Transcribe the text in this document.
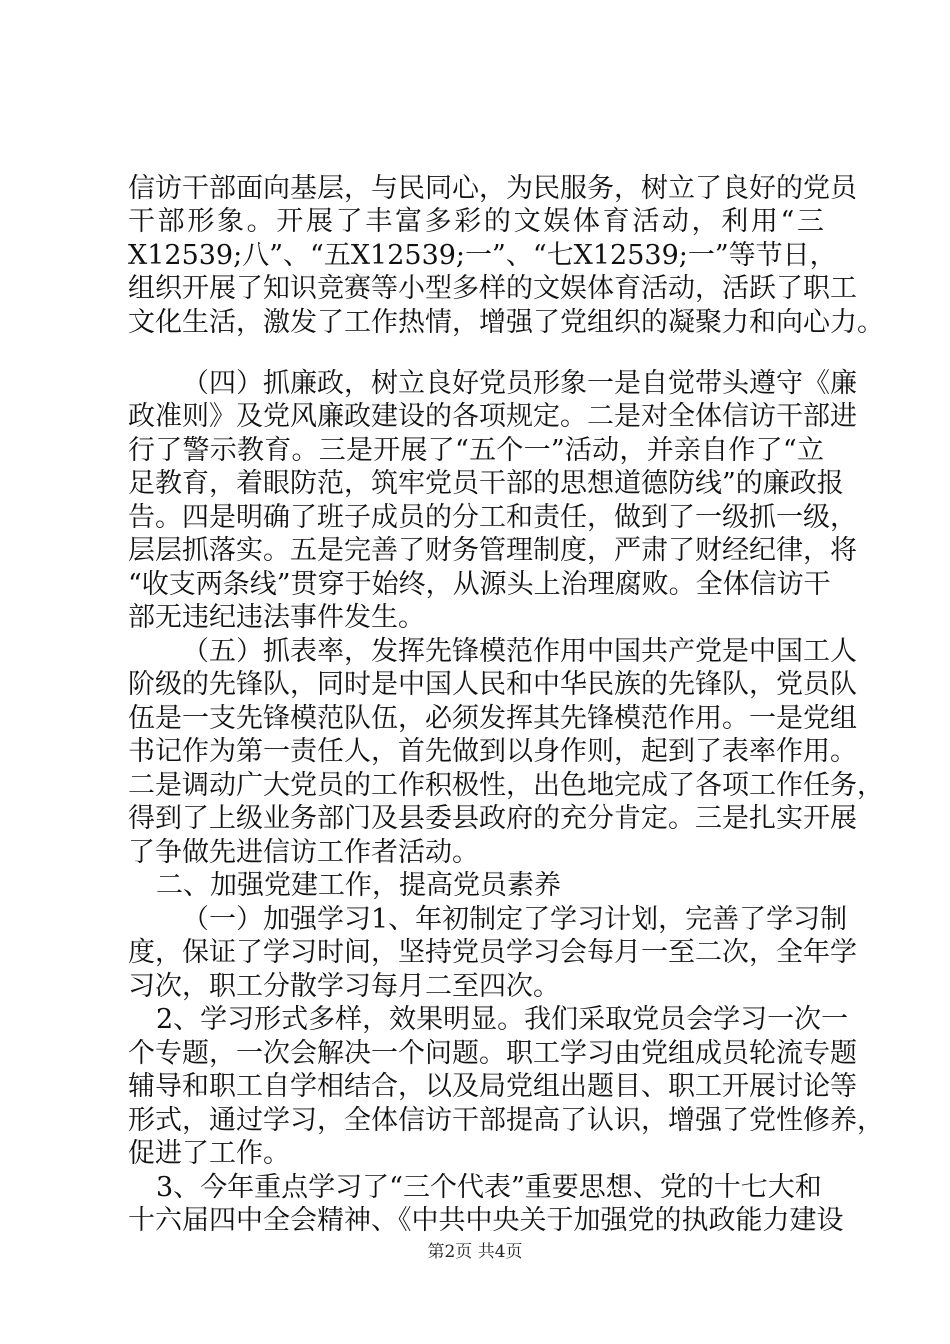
信访干部面向基层，与民同心，为民服务，树立了良好的党员
干部形象。开展了丰富多彩的文娱体育活动，利用“三
X12539;八”、“五X12539;一”、“七X12539;一”等节日，
组织开展了知识竞赛等小型多样的文娱体育活动，活跃了职工
文化生活，激发了工作热情，增强了党组织的凝聚力和向心力。
（四）抓廉政，树立良好党员形象一是自觉带头遵守《廉
政准则》及党风廉政建设的各项规定。二是对全体信访干部进
行了警示教育。三是开展了“五个一”活动，并亲自作了“立
足教育，着眼防范，筑牢党员干部的思想道德防线”的廉政报
告。四是明确了班子成员的分工和责任，做到了一级抓一级，
层层抓落实。五是完善了财务管理制度，严肃了财经纪律，将
“收支两条线”贯穿于始终，从源头上治理腐败。全体信访干
部无违纪违法事件发生。
（五）抓表率，发挥先锋模范作用中国共产党是中国工人
阶级的先锋队，同时是中国人民和中华民族的先锋队，党员队
伍是一支先锋模范队伍，必须发挥其先锋模范作用。一是党组
书记作为第一责任人，首先做到以身作则，起到了表率作用。
二是调动广大党员的工作积极性，出色地完成了各项工作任务，
得到了上级业务部门及县委县政府的充分肯定。三是扎实开展
了争做先进信访工作者活动。
二、加强党建工作，提高党员素养
（一）加强学习1、年初制定了学习计划，完善了学习制
度，保证了学习时间，坚持党员学习会每月一至二次，全年学
习次，职工分散学习每月二至四次。
2、学习形式多样，效果明显。我们采取党员会学习一次一
个专题，一次会解决一个问题。职工学习由党组成员轮流专题
辅导和职工自学相结合，以及局党组出题目、职工开展讨论等
形式，通过学习，全体信访干部提高了认识，增强了党性修养，
促进了工作。
3、今年重点学习了“三个代表”重要思想、党的十七大和
十六届四中全会精神、《中共中央关于加强党的执政能力建设
第2页 共4页
